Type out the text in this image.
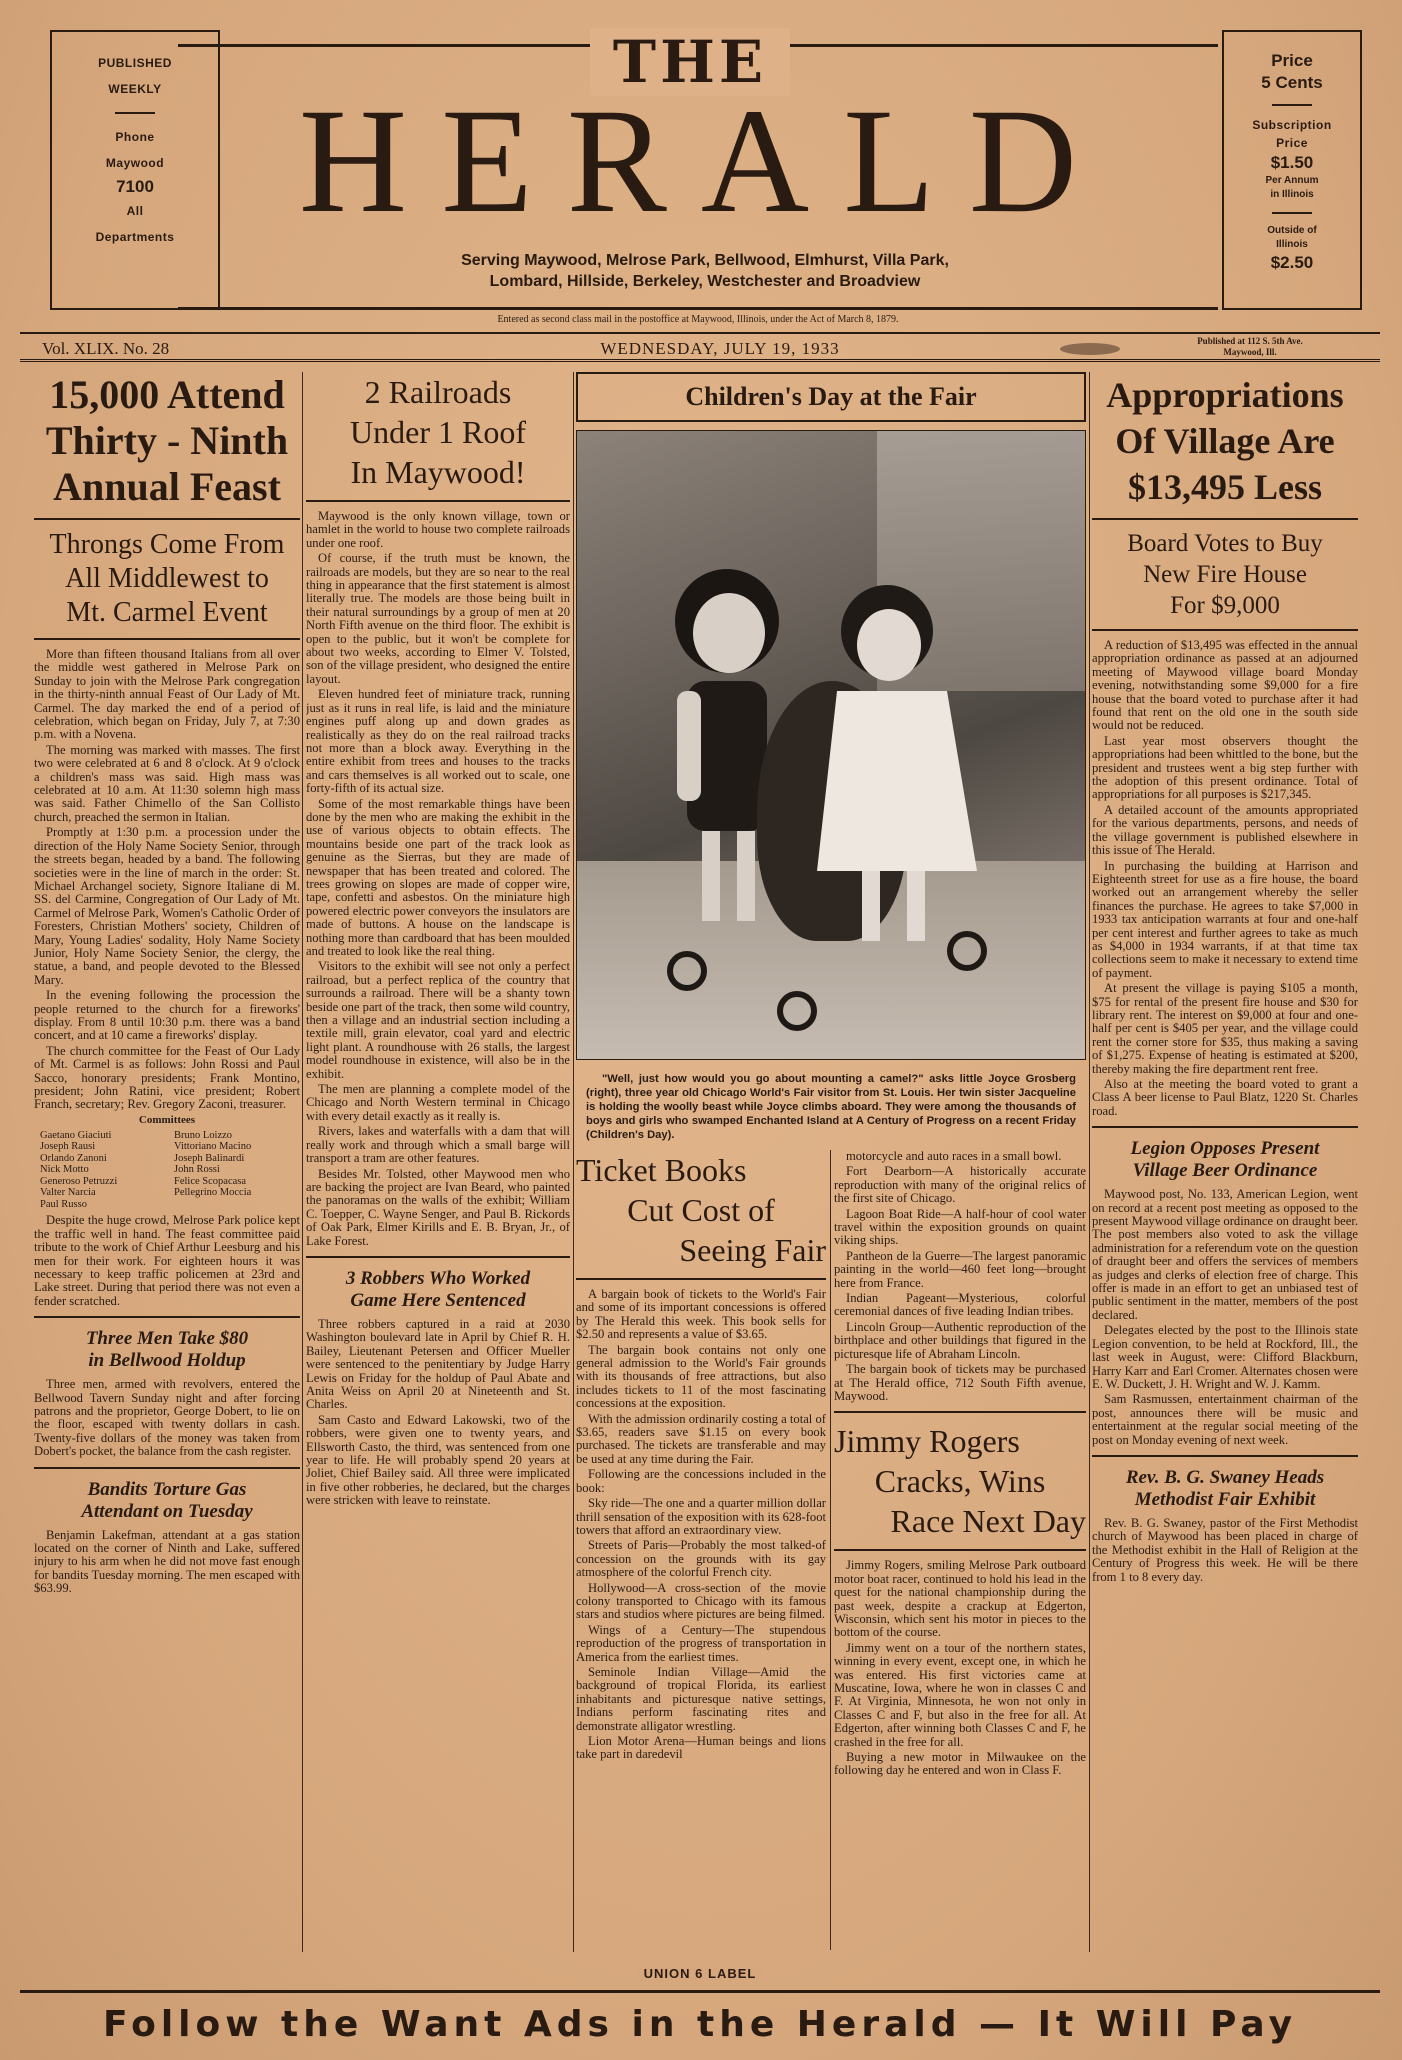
PUBLISHED
WEEKLY
Phone
Maywood
7100
All
Departments
THE
HERALD
Serving Maywood, Melrose Park, Bellwood, Elmhurst, Villa Park,
Lombard, Hillside, Berkeley, Westchester and Broadview
Price
5 Cents
Subscription
Price
$1.50
Per Annum
in Illinois
Outside of
Illinois
$2.50
Entered as second class mail in the postoffice at Maywood, Illinois, under the Act of March 8, 1879.
Vol. XLIX. No. 28	WEDNESDAY, JULY 19, 1933	Published at 112 S. 5th Ave.
Maywood, Ill.
15,000 Attend
Thirty - Ninth
Annual Feast
Throngs Come From
All Middlewest to
Mt. Carmel Event

More than fifteen thousand Italians from all over the middle west gathered in Melrose Park on Sunday to join with the Melrose Park congregation in the thirty-ninth annual Feast of Our Lady of Mt. Carmel. The day marked the end of a period of celebration, which began on Friday, July 7, at 7:30 p.m. with a Novena.

The morning was marked with masses. The first two were celebrated at 6 and 8 o'clock. At 9 o'clock a children's mass was said. High mass was celebrated at 10 a.m. At 11:30 solemn high mass was said. Father Chimello of the San Collisto church, preached the sermon in Italian.

Promptly at 1:30 p.m. a procession under the direction of the Holy Name Society Senior, through the streets began, headed by a band. The following societies were in the line of march in the order: St. Michael Archangel society, Signore Italiane di M. SS. del Carmine, Congregation of Our Lady of Mt. Carmel of Melrose Park, Women's Catholic Order of Foresters, Christian Mothers' society, Children of Mary, Young Ladies' sodality, Holy Name Society Junior, Holy Name Society Senior, the clergy, the statue, a band, and people devoted to the Blessed Mary.

In the evening following the procession the people returned to the church for a fireworks' display. From 8 until 10:30 p.m. there was a band concert, and at 10 came a fireworks' display.

The church committee for the Feast of Our Lady of Mt. Carmel is as follows: John Rossi and Paul Sacco, honorary presidents; Frank Montino, president; John Ratini, vice president; Robert Franch, secretary; Rev. Gregory Zaconi, treasurer.

Committees
Gaetano Giaciuti	Bruno Loizzo
Joseph Rausi	Vittoriano Macino
Orlando Zanoni	Joseph Balinardi
Nick Motto	John Rossi
Generoso Petruzzi	Felice Scopacasa
Valter Narcia	Pellegrino Moccia
Paul Russo

Despite the huge crowd, Melrose Park police kept the traffic well in hand. The feast committee paid tribute to the work of Chief Arthur Leesburg and his men for their work. For eighteen hours it was necessary to keep traffic policemen at 23rd and Lake street. During that period there was not even a fender scratched.

Three Men Take $80
in Bellwood Holdup

Three men, armed with revolvers, entered the Bellwood Tavern Sunday night and after forcing patrons and the proprietor, George Dobert, to lie on the floor, escaped with twenty dollars in cash. Twenty-five dollars of the money was taken from Dobert's pocket, the balance from the cash register.

Bandits Torture Gas
Attendant on Tuesday

Benjamin Lakefman, attendant at a gas station located on the corner of Ninth and Lake, suffered injury to his arm when he did not move fast enough for bandits Tuesday morning. The men escaped with $63.99.

2 Railroads
Under 1 Roof
In Maywood!

Maywood is the only known village, town or hamlet in the world to house two complete railroads under one roof.

Of course, if the truth must be known, the railroads are models, but they are so near to the real thing in appearance that the first statement is almost literally true. The models are those being built in their natural surroundings by a group of men at 20 North Fifth avenue on the third floor. The exhibit is open to the public, but it won't be complete for about two weeks, according to Elmer V. Tolsted, son of the village president, who designed the entire layout.

Eleven hundred feet of miniature track, running just as it runs in real life, is laid and the miniature engines puff along up and down grades as realistically as they do on the real railroad tracks not more than a block away. Everything in the entire exhibit from trees and houses to the tracks and cars themselves is all worked out to scale, one forty-fifth of its actual size.

Some of the most remarkable things have been done by the men who are making the exhibit in the use of various objects to obtain effects. The mountains beside one part of the track look as genuine as the Sierras, but they are made of newspaper that has been treated and colored. The trees growing on slopes are made of copper wire, tape, confetti and asbestos. On the miniature high powered electric power conveyors the insulators are made of buttons. A house on the landscape is nothing more than cardboard that has been moulded and treated to look like the real thing.

Visitors to the exhibit will see not only a perfect railroad, but a perfect replica of the country that surrounds a railroad. There will be a shanty town beside one part of the track, then some wild country, then a village and an industrial section including a textile mill, grain elevator, coal yard and electric light plant. A roundhouse with 26 stalls, the largest model roundhouse in existence, will also be in the exhibit.

The men are planning a complete model of the Chicago and North Western terminal in Chicago with every detail exactly as it really is.

Rivers, lakes and waterfalls with a dam that will really work and through which a small barge will transport a tram are other features.

Besides Mr. Tolsted, other Maywood men who are backing the project are Ivan Beard, who painted the panoramas on the walls of the exhibit; William C. Toepper, C. Wayne Senger, and Paul B. Rickords of Oak Park, Elmer Kirills and E. B. Bryan, Jr., of Lake Forest.

3 Robbers Who Worked
Game Here Sentenced

Three robbers captured in a raid at 2030 Washington boulevard late in April by Chief R. H. Bailey, Lieutenant Petersen and Officer Mueller were sentenced to the penitentiary by Judge Harry Lewis on Friday for the holdup of Paul Abate and Anita Weiss on April 20 at Nineteenth and St. Charles.

Sam Casto and Edward Lakowski, two of the robbers, were given one to twenty years, and Ellsworth Casto, the third, was sentenced from one year to life. He will probably spend 20 years at Joliet, Chief Bailey said. All three were implicated in five other robberies, he declared, but the charges were stricken with leave to reinstate.

Children's Day at the Fair

"Well, just how would you go about mounting a camel?" asks little Joyce Grosberg (right), three year old Chicago World's Fair visitor from St. Louis. Her twin sister Jacqueline is holding the woolly beast while Joyce climbs aboard. They were among the thousands of boys and girls who swamped Enchanted Island at A Century of Progress on a recent Friday (Children's Day).

Ticket Books
Cut Cost of
Seeing Fair

A bargain book of tickets to the World's Fair and some of its important concessions is offered by The Herald this week. This book sells for $2.50 and represents a value of $3.65.

The bargain book contains not only one general admission to the World's Fair grounds with its thousands of free attractions, but also includes tickets to 11 of the most fascinating concessions at the exposition.

With the admission ordinarily costing a total of $3.65, readers save $1.15 on every book purchased. The tickets are transferable and may be used at any time during the Fair.

Following are the concessions included in the book:

Sky ride—The one and a quarter million dollar thrill sensation of the exposition with its 628-foot towers that afford an extraordinary view.

Streets of Paris—Probably the most talked-of concession on the grounds with its gay atmosphere of the colorful French city.

Hollywood—A cross-section of the movie colony transported to Chicago with its famous stars and studios where pictures are being filmed.

Wings of a Century—The stupendous reproduction of the progress of transportation in America from the earliest times.

Seminole Indian Village—Amid the background of tropical Florida, its earliest inhabitants and picturesque native settings, Indians perform fascinating rites and demonstrate alligator wrestling.

Lion Motor Arena—Human beings and lions take part in daredevil

motorcycle and auto races in a small bowl.

Fort Dearborn—A historically accurate reproduction with many of the original relics of the first site of Chicago.

Lagoon Boat Ride—A half-hour of cool water travel within the exposition grounds on quaint viking ships.

Pantheon de la Guerre—The largest panoramic painting in the world—460 feet long—brought here from France.

Indian Pageant—Mysterious, colorful ceremonial dances of five leading Indian tribes.

Lincoln Group—Authentic reproduction of the birthplace and other buildings that figured in the picturesque life of Abraham Lincoln.

The bargain book of tickets may be purchased at The Herald office, 712 South Fifth avenue, Maywood.

Jimmy Rogers
Cracks, Wins
Race Next Day

Jimmy Rogers, smiling Melrose Park outboard motor boat racer, continued to hold his lead in the quest for the national championship during the past week, despite a crackup at Edgerton, Wisconsin, which sent his motor in pieces to the bottom of the course.

Jimmy went on a tour of the northern states, winning in every event, except one, in which he was entered. His first victories came at Muscatine, Iowa, where he won in classes C and F. At Virginia, Minnesota, he won not only in Classes C and F, but also in the free for all. At Edgerton, after winning both Classes C and F, he crashed in the free for all.

Buying a new motor in Milwaukee on the following day he entered and won in Class F.

Appropriations
Of Village Are
$13,495 Less
Board Votes to Buy
New Fire House
For $9,000

A reduction of $13,495 was effected in the annual appropriation ordinance as passed at an adjourned meeting of Maywood village board Monday evening, notwithstanding some $9,000 for a fire house that the board voted to purchase after it had found that rent on the old one in the south side would not be reduced.

Last year most observers thought the appropriations had been whittled to the bone, but the president and trustees went a big step further with the adoption of this present ordinance. Total of appropriations for all purposes is $217,345.

A detailed account of the amounts appropriated for the various departments, persons, and needs of the village government is published elsewhere in this issue of The Herald.

In purchasing the building at Harrison and Eighteenth street for use as a fire house, the board worked out an arrangement whereby the seller finances the purchase. He agrees to take $7,000 in 1933 tax anticipation warrants at four and one-half per cent interest and further agrees to take as much as $4,000 in 1934 warrants, if at that time tax collections seem to make it necessary to extend time of payment.

At present the village is paying $105 a month, $75 for rental of the present fire house and $30 for library rent. The interest on $9,000 at four and one-half per cent is $405 per year, and the village could rent the corner store for $35, thus making a saving of $1,275. Expense of heating is estimated at $200, thereby making the fire department rent free.

Also at the meeting the board voted to grant a Class A beer license to Paul Blatz, 1220 St. Charles road.

Legion Opposes Present
Village Beer Ordinance

Maywood post, No. 133, American Legion, went on record at a recent post meeting as opposed to the present Maywood village ordinance on draught beer. The post members also voted to ask the village administration for a referendum vote on the question of draught beer and offers the services of members as judges and clerks of election free of charge. This offer is made in an effort to get an unbiased test of public sentiment in the matter, members of the post declared.

Delegates elected by the post to the Illinois state Legion convention, to be held at Rockford, Ill., the last week in August, were: Clifford Blackburn, Harry Karr and Earl Cromer. Alternates chosen were E. W. Duckett, J. H. Wright and W. J. Kamm.

Sam Rasmussen, entertainment chairman of the post, announces there will be music and entertainment at the regular social meeting of the post on Monday evening of next week.

Rev. B. G. Swaney Heads
Methodist Fair Exhibit

Rev. B. G. Swaney, pastor of the First Methodist church of Maywood has been placed in charge of the Methodist exhibit in the Hall of Religion at the Century of Progress this week. He will be there from 1 to 8 every day.

UNION 6 LABEL
Follow the Want Ads in the Herald — It Will Pay
